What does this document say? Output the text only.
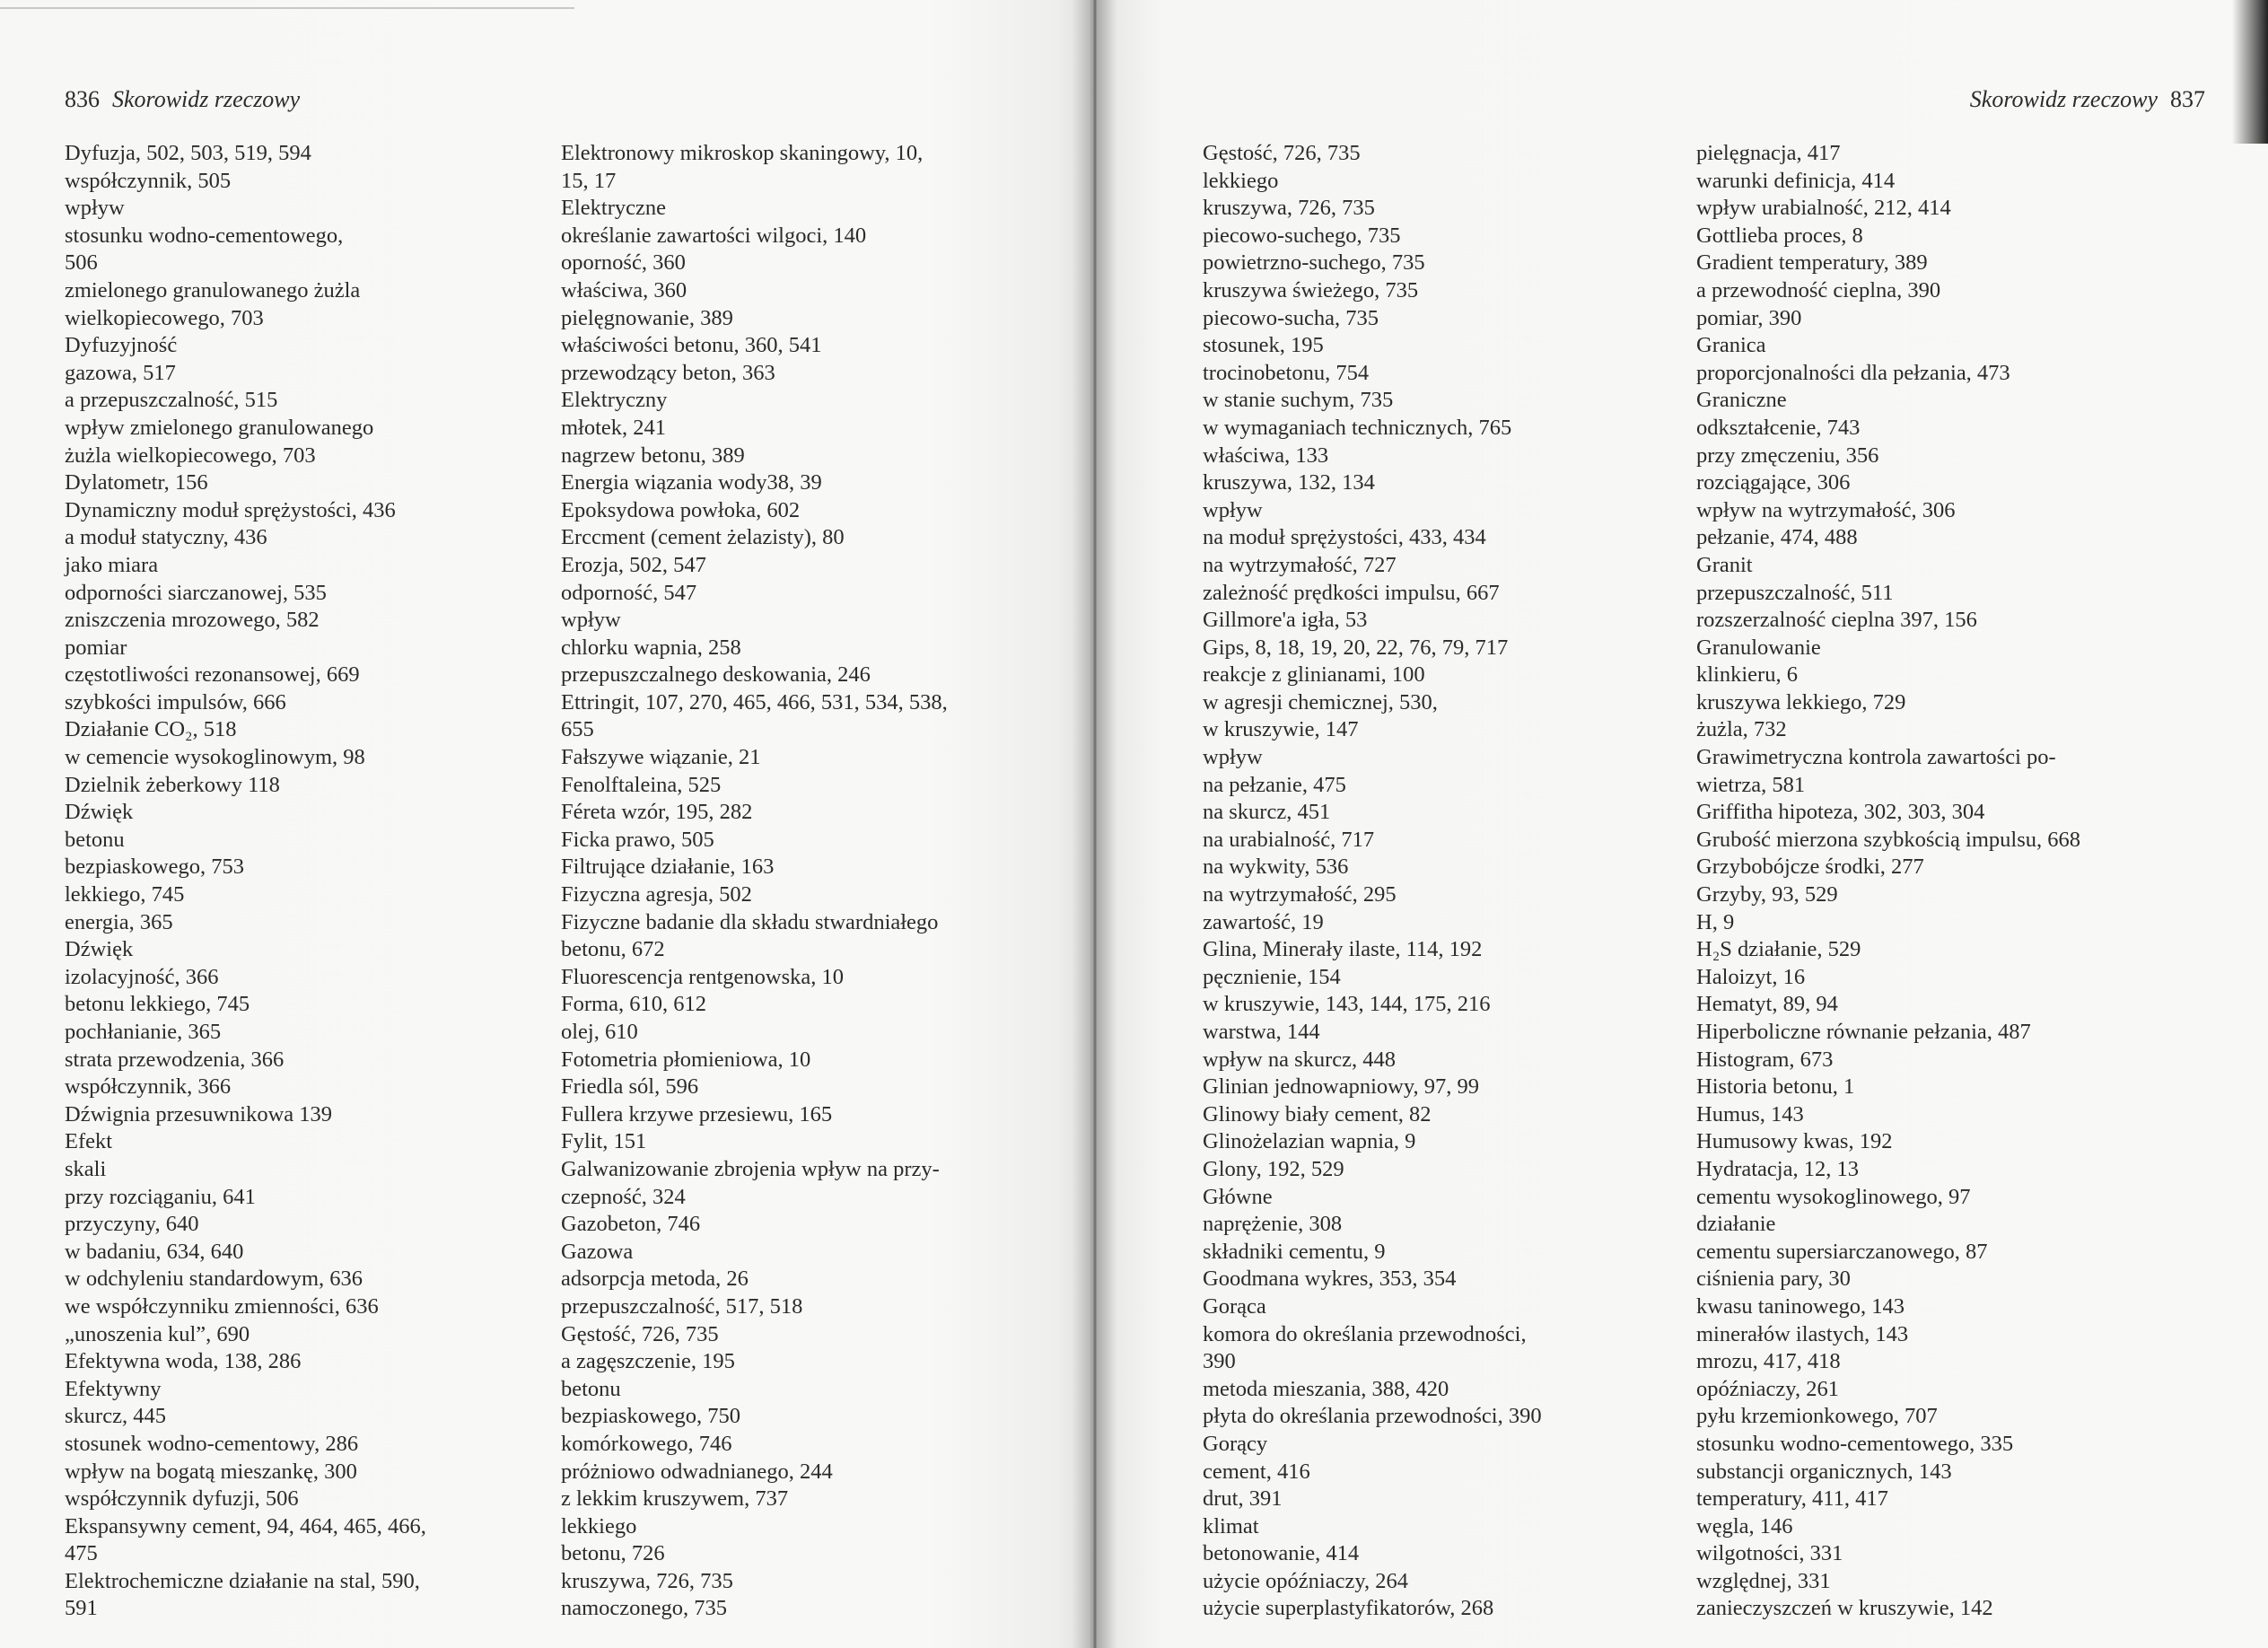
836 Skorowidz rzeczowy	Skorowidz rzeczowy 837
Dyfuzja, 502, 503, 519, 594
współczynnik, 505
wpływ
stosunku wodno-cementowego,
506
zmielonego granulowanego żużla
wielkopiecowego, 703
Dyfuzyjność
gazowa, 517
a przepuszczalność, 515
wpływ zmielonego granulowanego
żużla wielkopiecowego, 703
Dylatometr, 156
Dynamiczny moduł sprężystości, 436
a moduł statyczny, 436
jako miara
odporności siarczanowej, 535
zniszczenia mrozowego, 582
pomiar
częstotliwości rezonansowej, 669
szybkości impulsów, 666
Działanie CO₂, 518
w cemencie wysokoglinowym, 98
Dzielnik żeberkowy 118
Dźwięk
betonu
bezpiaskowego, 753
lekkiego, 745
energia, 365
Dźwięk
izolacyjność, 366
betonu lekkiego, 745
pochłanianie, 365
strata przewodzenia, 366
współczynnik, 366
Dźwignia przesuwnikowa 139
Efekt
skali
przy rozciąganiu, 641
przyczyny, 640
w badaniu, 634, 640
w odchyleniu standardowym, 636
we współczynniku zmienności, 636
„unoszenia kul”, 690
Efektywna woda, 138, 286
Efektywny
skurcz, 445
stosunek wodno-cementowy, 286
wpływ na bogatą mieszankę, 300
współczynnik dyfuzji, 506
Ekspansywny cement, 94, 464, 465, 466,
475
Elektrochemiczne działanie na stal, 590,
591
Elektronowy mikroskop skaningowy, 10,
15, 17
Elektryczne
określanie zawartości wilgoci, 140
oporność, 360
właściwa, 360
pielęgnowanie, 389
właściwości betonu, 360, 541
przewodzący beton, 363
Elektryczny
młotek, 241
nagrzew betonu, 389
Energia wiązania wody38, 39
Epoksydowa powłoka, 602
Erccment (cement żelazisty), 80
Erozja, 502, 547
odporność, 547
wpływ
chlorku wapnia, 258
przepuszczalnego deskowania, 246
Ettringit, 107, 270, 465, 466, 531, 534, 538,
655
Fałszywe wiązanie, 21
Fenolftaleina, 525
Féreta wzór, 195, 282
Ficka prawo, 505
Filtrujące działanie, 163
Fizyczna agresja, 502
Fizyczne badanie dla składu stwardniałego
betonu, 672
Fluorescencja rentgenowska, 10
Forma, 610, 612
olej, 610
Fotometria płomieniowa, 10
Friedla sól, 596
Fullera krzywe przesiewu, 165
Fylit, 151
Galwanizowanie zbrojenia wpływ na przy-
czepność, 324
Gazobeton, 746
Gazowa
adsorpcja metoda, 26
przepuszczalność, 517, 518
Gęstość, 726, 735
a zagęszczenie, 195
betonu
bezpiaskowego, 750
komórkowego, 746
próżniowo odwadnianego, 244
z lekkim kruszywem, 737
lekkiego
betonu, 726
kruszywa, 726, 735
namoczonego, 735
Gęstość, 726, 735
lekkiego
kruszywa, 726, 735
piecowo-suchego, 735
powietrzno-suchego, 735
kruszywa świeżego, 735
piecowo-sucha, 735
stosunek, 195
trocinobetonu, 754
w stanie suchym, 735
w wymaganiach technicznych, 765
właściwa, 133
kruszywa, 132, 134
wpływ
na moduł sprężystości, 433, 434
na wytrzymałość, 727
zależność prędkości impulsu, 667
Gillmore'a igła, 53
Gips, 8, 18, 19, 20, 22, 76, 79, 717
reakcje z glinianami, 100
w agresji chemicznej, 530,
w kruszywie, 147
wpływ
na pełzanie, 475
na skurcz, 451
na urabialność, 717
na wykwity, 536
na wytrzymałość, 295
zawartość, 19
Glina, Minerały ilaste, 114, 192
pęcznienie, 154
w kruszywie, 143, 144, 175, 216
warstwa, 144
wpływ na skurcz, 448
Glinian jednowapniowy, 97, 99
Glinowy biały cement, 82
Glinożelazian wapnia, 9
Glony, 192, 529
Główne
naprężenie, 308
składniki cementu, 9
Goodmana wykres, 353, 354
Gorąca
komora do określania przewodności,
390
metoda mieszania, 388, 420
płyta do określania przewodności, 390
Gorący
cement, 416
drut, 391
klimat
betonowanie, 414
użycie opóźniaczy, 264
użycie superplastyfikatorów, 268
pielęgnacja, 417
warunki definicja, 414
wpływ urabialność, 212, 414
Gottlieba proces, 8
Gradient temperatury, 389
a przewodność cieplna, 390
pomiar, 390
Granica
proporcjonalności dla pełzania, 473
Graniczne
odkształcenie, 743
przy zmęczeniu, 356
rozciągające, 306
wpływ na wytrzymałość, 306
pełzanie, 474, 488
Granit
przepuszczalność, 511
rozszerzalność cieplna 397, 156
Granulowanie
klinkieru, 6
kruszywa lekkiego, 729
żużla, 732
Grawimetryczna kontrola zawartości po-
wietrza, 581
Griffitha hipoteza, 302, 303, 304
Grubość mierzona szybkością impulsu, 668
Grzybobójcze środki, 277
Grzyby, 93, 529
H, 9
H₂S działanie, 529
Haloizyt, 16
Hematyt, 89, 94
Hiperboliczne równanie pełzania, 487
Histogram, 673
Historia betonu, 1
Humus, 143
Humusowy kwas, 192
Hydratacja, 12, 13
cementu wysokoglinowego, 97
działanie
cementu supersiarczanowego, 87
ciśnienia pary, 30
kwasu taninowego, 143
minerałów ilastych, 143
mrozu, 417, 418
opóźniaczy, 261
pyłu krzemionkowego, 707
stosunku wodno-cementowego, 335
substancji organicznych, 143
temperatury, 411, 417
węgla, 146
wilgotności, 331
względnej, 331
zanieczyszczeń w kruszywie, 142
